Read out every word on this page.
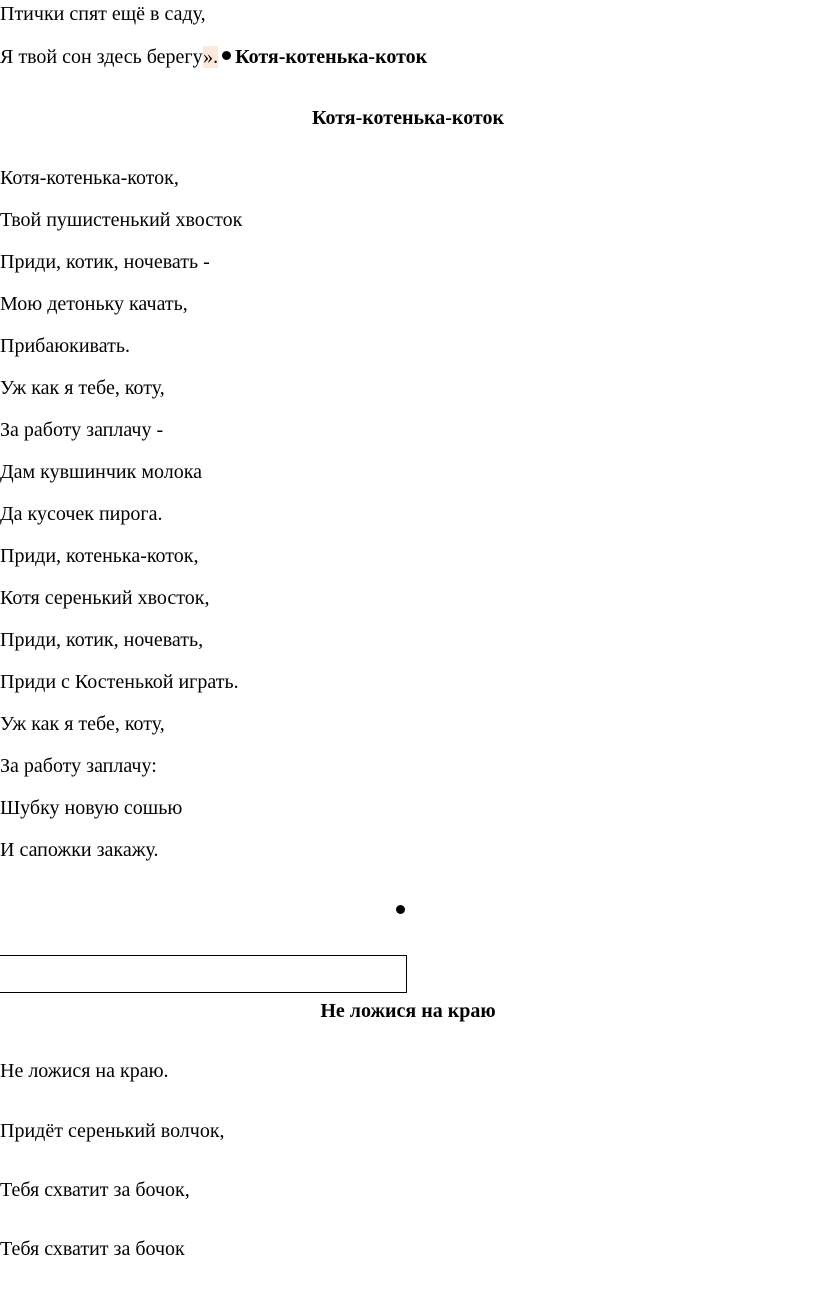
Птички спят ещё в саду,
Я твой сон здесь берегу». Котя-котенька-коток
Котя-котенька-коток
Котя-котенька-коток,
Твой пушистенький хвосток
Приди, котик, ночевать -
Мою детоньку качать,
Прибаюкивать.
Уж как я тебе, коту,
За работу заплачу -
Дам кувшинчик молока
Да кусочек пирога.
Приди, котенька-коток,
Котя серенький хвосток,
Приди, котик, ночевать,
Приди с Костенькой играть.
Уж как я тебе, коту,
За работу заплачу:
Шубку новую сошью
И сапожки закажу.
Не ложися на краю
Не ложися на краю.
Придёт серенький волчок,
Тебя схватит за бочок,
Тебя схватит за бочок
